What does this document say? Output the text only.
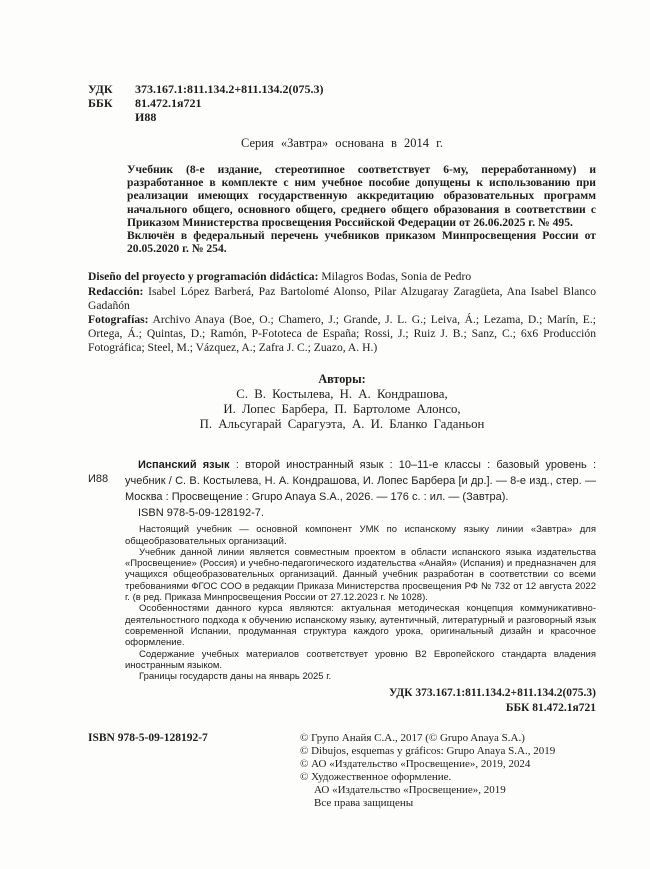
УДК	373.167.1:811.134.2+811.134.2(075.3)
ББК	81.472.1я721
И88
Серия «Завтра» основана в 2014 г.

Учебник (8-е издание, стереотипное соответствует 6-му, переработанному) и разработанное в комплекте с ним учебное пособие допущены к использованию при реализации имеющих государственную аккредитацию образовательных программ начального общего, основного общего, среднего общего образования в соответствии с Приказом Министерства просвещения Российской Федерации от 26.06.2025 г. № 495.

Включён в федеральный перечень учебников приказом Минпросвещения России от 20.05.2020 г. № 254.

Diseño del proyecto y programación didáctica: Milagros Bodas, Sonia de Pedro

Redacción: Isabel López Barberá, Paz Bartolomé Alonso, Pilar Alzugaray Zaragüeta, Ana Isabel Blanco Gadañón

Fotografías: Archivo Anaya (Boe, O.; Chamero, J.; Grande, J. L. G.; Leiva, Á.; Lezama, D.; Marín, E.; Ortega, Á.; Quintas, D.; Ramón, P-Fototeca de España; Rossi, J.; Ruiz J. B.; Sanz, C.; 6x6 Producción Fotográfica; Steel, M.; Vázquez, A.; Zafra J. C.; Zuazo, A. H.)

Авторы:
С. В. Костылева, Н. А. Кондрашова,
И. Лопес Барбера, П. Бартоломе Алонсо,
П. Альсугарай Сарагуэта, А. И. Бланко Гаданьон
И88

Испанский язык : второй иностранный язык : 10–11-е классы : базовый уровень : учебник / С. В. Костылева, Н. А. Кондрашова, И. Лопес Барбера [и др.]. — 8-е изд., стер. — Москва : Просвещение : Grupo Anaya S.A., 2026. — 176 с. : ил. — (Завтра).

ISBN 978-5-09-128192-7.

Настоящий учебник — основной компонент УМК по испанскому языку линии «Завтра» для общеобразовательных организаций.

Учебник данной линии является совместным проектом в области испанского языка издательства «Просвещение» (Россия) и учебно-педагогического издательства «Анайя» (Испания) и предназначен для учащихся общеобразовательных организаций. Данный учебник разработан в соответствии со всеми требованиями ФГОС СОО в редакции Приказа Министерства просвещения РФ № 732 от 12 августа 2022 г. (в ред. Приказа Минпросвещения России от 27.12.2023 г. № 1028).

Особенностями данного курса являются: актуальная методическая концепция коммуникативно-деятельностного подхода к обучению испанскому языку, аутентичный, литературный и разговорный язык современной Испании, продуманная структура каждого урока, оригинальный дизайн и красочное оформление.

Содержание учебных материалов соответствует уровню B2 Европейского стандарта владения иностранным языком.

Границы государств даны на январь 2025 г.

УДК 373.167.1:811.134.2+811.134.2(075.3)
ББК 81.472.1я721
ISBN 978-5-09-128192-7	© Групо Анайя С.А., 2017 (© Grupo Anaya S.A.)
© Dibujos, esquemas y gráficos: Grupo Anaya S.A., 2019
© АО «Издательство «Просвещение», 2019, 2024
© Художественное оформление.
АО «Издательство «Просвещение», 2019
Все права защищены
